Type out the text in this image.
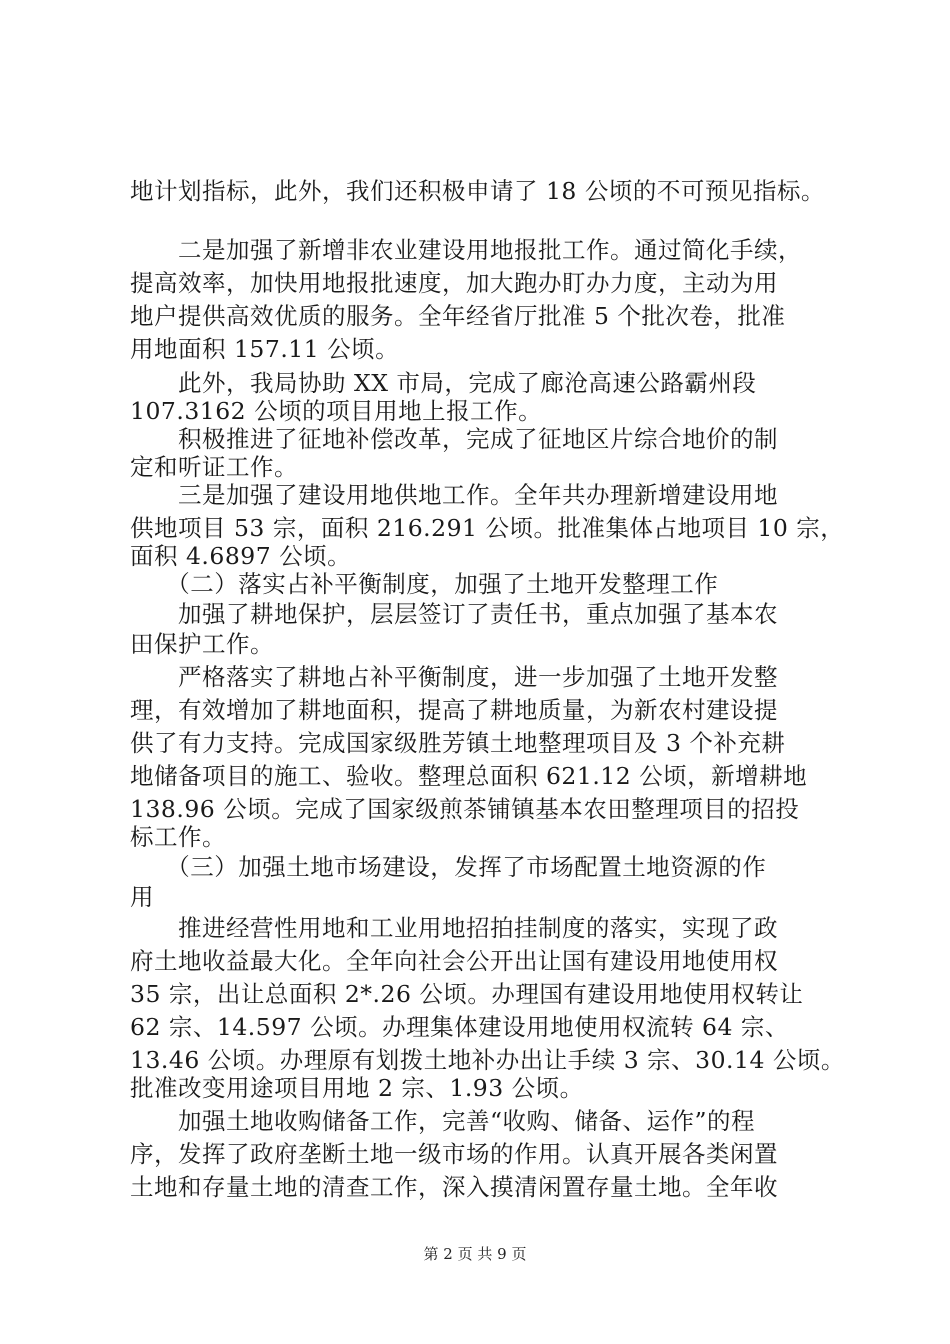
地计划指标，此外，我们还积极申请了 18 公顷的不可预见指标。
　　二是加强了新增非农业建设用地报批工作。通过简化手续，
提高效率，加快用地报批速度，加大跑办盯办力度，主动为用
地户提供高效优质的服务。全年经省厅批准 5 个批次卷，批准
用地面积 157.11 公顷。
　　此外，我局协助 XX 市局，完成了廊沧高速公路霸州段
107.3162 公顷的项目用地上报工作。
　　积极推进了征地补偿改革，完成了征地区片综合地价的制
定和听证工作。
　　三是加强了建设用地供地工作。全年共办理新增建设用地
供地项目 53 宗，面积 216.291 公顷。批准集体占地项目 10 宗，
面积 4.6897 公顷。
　　（二）落实占补平衡制度，加强了土地开发整理工作
　　加强了耕地保护，层层签订了责任书，重点加强了基本农
田保护工作。
　　严格落实了耕地占补平衡制度，进一步加强了土地开发整
理，有效增加了耕地面积，提高了耕地质量，为新农村建设提
供了有力支持。完成国家级胜芳镇土地整理项目及 3 个补充耕
地储备项目的施工、验收。整理总面积 621.12 公顷，新增耕地
138.96 公顷。完成了国家级煎茶铺镇基本农田整理项目的招投
标工作。
　　（三）加强土地市场建设，发挥了市场配置土地资源的作
用
　　推进经营性用地和工业用地招拍挂制度的落实，实现了政
府土地收益最大化。全年向社会公开出让国有建设用地使用权
35 宗，出让总面积 2*.26 公顷。办理国有建设用地使用权转让
62 宗、14.597 公顷。办理集体建设用地使用权流转 64 宗、
13.46 公顷。办理原有划拨土地补办出让手续 3 宗、30.14 公顷。
批准改变用途项目用地 2 宗、1.93 公顷。
　　加强土地收购储备工作，完善“收购、储备、运作”的程
序，发挥了政府垄断土地一级市场的作用。认真开展各类闲置
土地和存量土地的清查工作，深入摸清闲置存量土地。全年收
第 2 页 共 9 页
